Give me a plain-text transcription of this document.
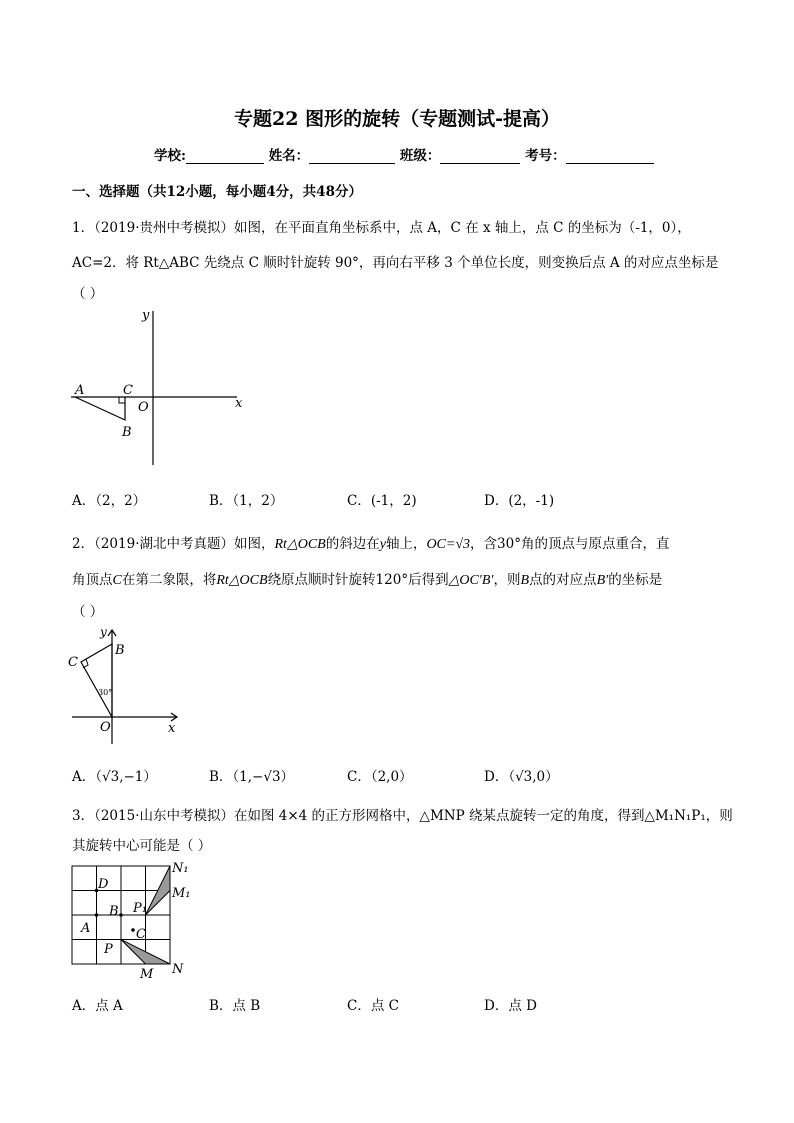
专题22 图形的旋转（专题测试-提高）
学校:	姓名：	班级：	考号：
一、选择题（共12小题，每小题4分，共48分）
1．（2019·贵州中考模拟）如图，在平面直角坐标系中，点 A，C 在 x 轴上，点 C 的坐标为（-1，0），
AC=2．将 Rt△ABC 先绕点 C 顺时针旋转 90°，再向右平移 3 个单位长度，则变换后点 A 的对应点坐标是
（ ）
y
x
A	C
O
B
A．（2，2）	B．（1，2）	C．(-1，2)	D．(2，-1)
2．（2019·湖北中考真题）如图，Rt△OCB的斜边在y轴上，OC=√3，含30°角的顶点与原点重合，直
角顶点C在第二象限，将Rt△OCB绕原点顺时针旋转120°后得到△OC′B′，则B点的对应点B′的坐标是
（ ）
y
B
C
30°
O	x
A．（√3,−1）	B．（1,−√3）	C．（2,0）	D．（√3,0）
3．（2015·山东中考模拟）在如图 4×4 的正方形网格中，△MNP 绕某点旋转一定的角度，得到△M₁N₁P₁，则
其旋转中心可能是（ ）
D
B P₁
A	C
P
M N
N₁
M₁
A．点 A	B．点 B	C．点 C	D．点 D
